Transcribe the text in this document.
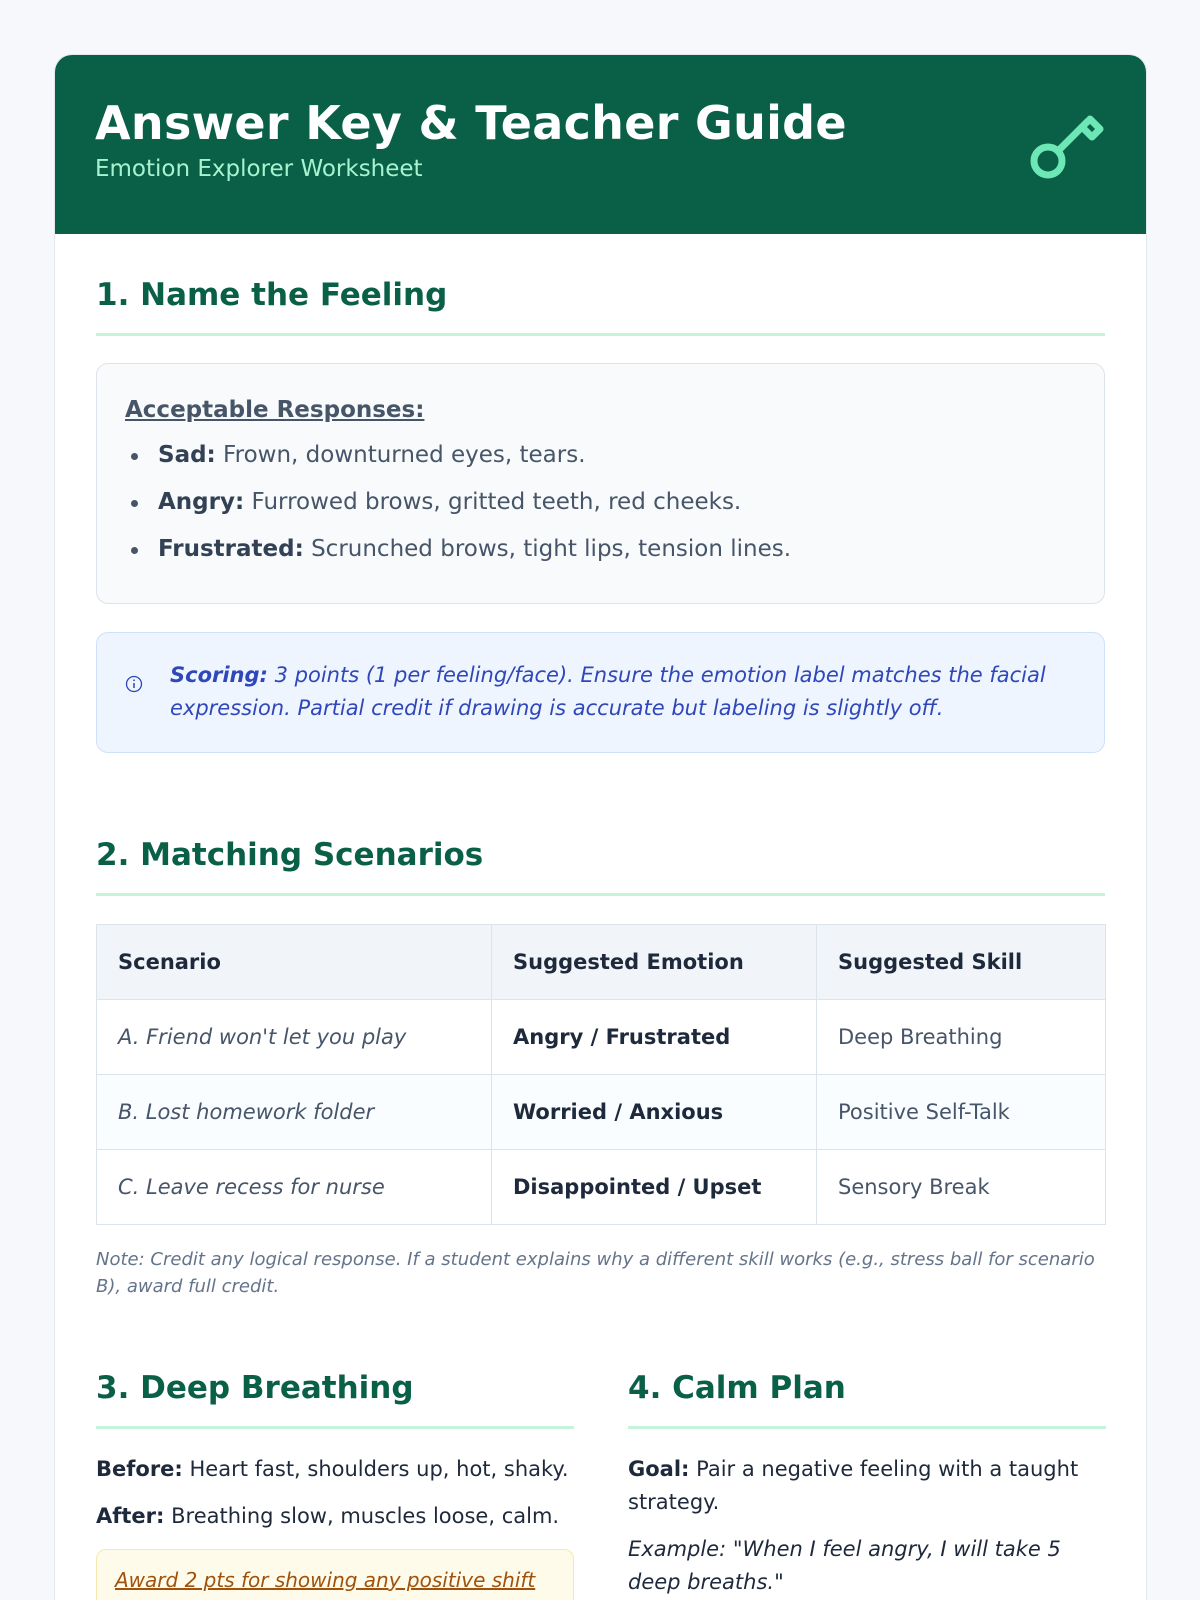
Answer Key & Teacher Guide
Emotion Explorer Worksheet
1. Name the Feeling
Acceptable Responses:
Sad: Frown, downturned eyes, tears.
Angry: Furrowed brows, gritted teeth, red cheeks.
Frustrated: Scrunched brows, tight lips, tension lines.
Scoring: 3 points (1 per feeling/face). Ensure the emotion label matches the facial expression. Partial credit if drawing is accurate but labeling is slightly off.
2. Matching Scenarios
Scenario	Suggested Emotion	Suggested Skill
A. Friend won't let you play	Angry / Frustrated	Deep Breathing
B. Lost homework folder	Worried / Anxious	Positive Self-Talk
C. Leave recess for nurse	Disappointed / Upset	Sensory Break
Note: Credit any logical response. If a student explains why a different skill works (e.g., stress ball for scenario B), award full credit.
3. Deep Breathing
Before: Heart fast, shoulders up, hot, shaky.
After: Breathing slow, muscles loose, calm.
Award 2 pts for showing any positive shift
4. Calm Plan
Goal: Pair a negative feeling with a taught strategy.
Example: "When I feel angry, I will take 5 deep breaths."
